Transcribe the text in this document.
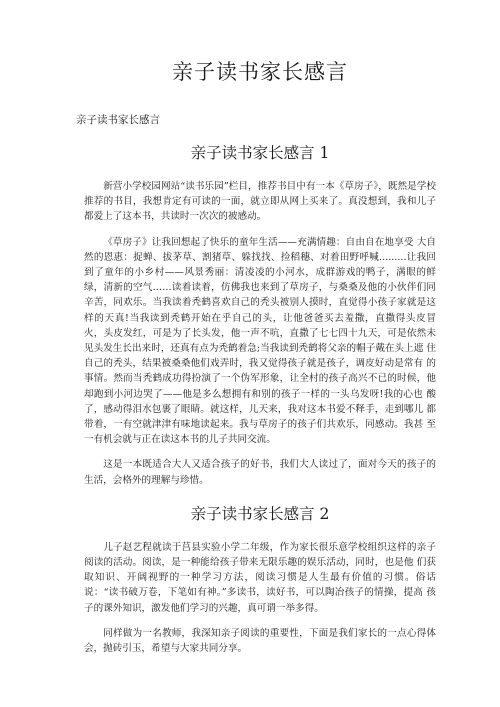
亲子读书家长感言
亲子读书家长感言
亲子读书家长感言 1

新营小学校园网站“读书乐园”栏目，推荐书目中有一本《草房子》，既然是学校推荐的书目，我想肯定有可读的一面，就立即从网上买来了。真没想到，我和儿子都爱上了这本书，共读时一次次的被感动。

《草房子》让我回想起了快乐的童年生活——充满情趣：自由自在地享受 大自然的恩惠：捉蝉、拔茅草、割猪草、躲找找、捡稻穗、对着田野呼喊.........让我回到了童年的小乡村——风景秀丽：清凌凌的小河水，成群游戏的鸭子，满眼的鲜绿，清新的空气……读着读着，仿佛我也来到了草房子，与桑桑及他的小伙伴们同辛苦，同欢乐。当我读着秃鹤喜欢自己的秃头被别人摸时，直觉得小孩子家就是这 样的天真!当我读到秃鹤开始在乎自己的头，让他爸爸买去羞撒，直撒得头皮冒 火，头皮发红，可是为了长头发，他一声不吭，直撒了七七四十九天，可是依然未 见头发生长出来时，还真有点为秃鹤着急;当我读到秃鹤将父亲的帽子戴在头上遮 住自己的秃头，结果被桑桑他们戏弄时，我又觉得孩子就是孩子，调皮好动是常有 的事情。然而当秃鹤成功得扮演了一个伪军形象，让全村的孩子高兴不已的时候，他却跑到小河边哭了——他是多么想拥有和别的孩子一样的一头乌发呀!我的心也 酸了，感动得泪水包裹了眼睛。就这样，儿天来，我对这本书爱不释手，走到哪儿 都带着，一有空就津津有味地读起来。我与草房子的孩子们共欢乐，同感动。我甚 至一有机会就与正在读这本书的儿子共同交流。

这是一本既适合大人又适合孩子的好书，我们大人读过了，面对今天的孩子的生活，会格外的理解与珍惜。

亲子读书家长感言 2

儿子赵艺程就读于莒县实验小学二年级，作为家长很乐意学校组织这样的亲子阅读的活动。阅读，是一种能给孩子带来无限乐趣的娱乐活动，同时，也是他 们获取知识、开阔视野的一种学习方法，阅读习惯是人生最有价值的习惯。俗话 说：“读书破万卷，下笔如有神。”多读书，读好书，可以陶冶孩子的情操，提高 孩子的课外知识，激发他们学习的兴趣，真可谓一举多得。

同样做为一名教师，我深知亲子阅读的重要性，下面是我们家长的一点心得体会，抛砖引玉，希望与大家共同分享。
